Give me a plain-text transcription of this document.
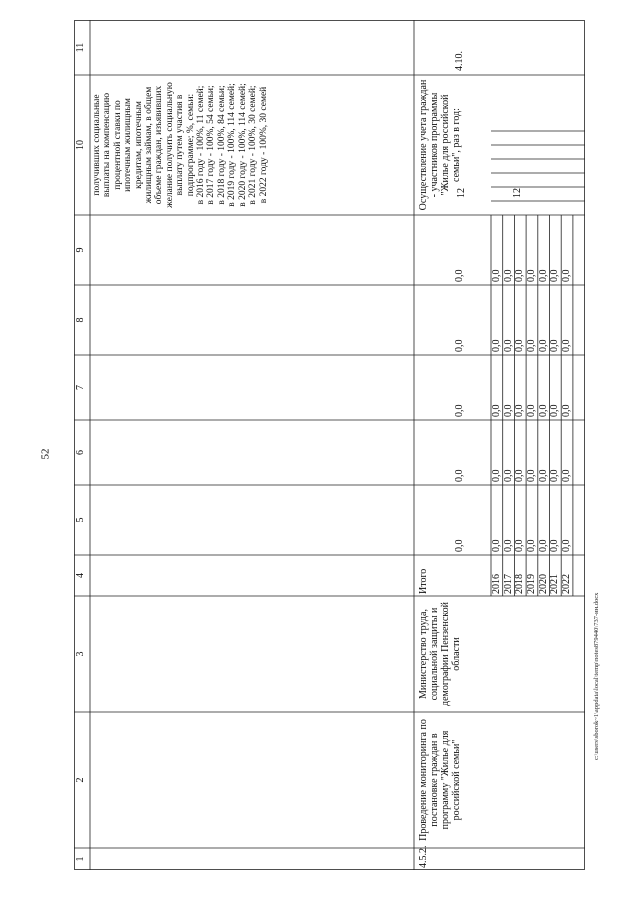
52
c:\users\sborok~1\appdata\local\temp\notes879440\737-ин.docx
1
2
3
4
5
6
7
8
9
10
11
получивших социальные выплаты на компенсацию процентной ставки по ипотечным жилищным кредитам, ипотечным жилищным займам, в общем объеме граждан, изъявивших желание получить социальную выплату путем участия в подпрограмме; %, семьи:
в 2016 году - 100%, 11 семей;
в 2017 году - 100%, 54 семьи;
в 2018 году - 100%, 84 семьи;
в 2019 году - 100%, 114 семей;
в 2020 году - 100%, 114 семей;
в 2021 году - 100%, 30 семей;
в 2022 году - 100%, 30 семей
4.5.2.
Проведение мониторинга по постановке граждан в программу "Жилье для российской семьи"
Министерство труда, социальной защиты и демографии Пензенской области
Итого
0,0
0,0
0,0
0,0
0,0
Осуществление учета граждан - участников программы "Жилье для российской семьи", раз в год:
12	12
4.10.
2016 2017 2018 2019 2020 2021 2022
0,0 0,0 0,0 0,0 0,0 0,0 0,0
0,0 0,0 0,0 0,0 0,0 0,0 0,0
0,0 0,0 0,0 0,0 0,0 0,0 0,0
0,0 0,0 0,0 0,0 0,0 0,0 0,0
0,0 0,0 0,0 0,0 0,0 0,0 0,0
